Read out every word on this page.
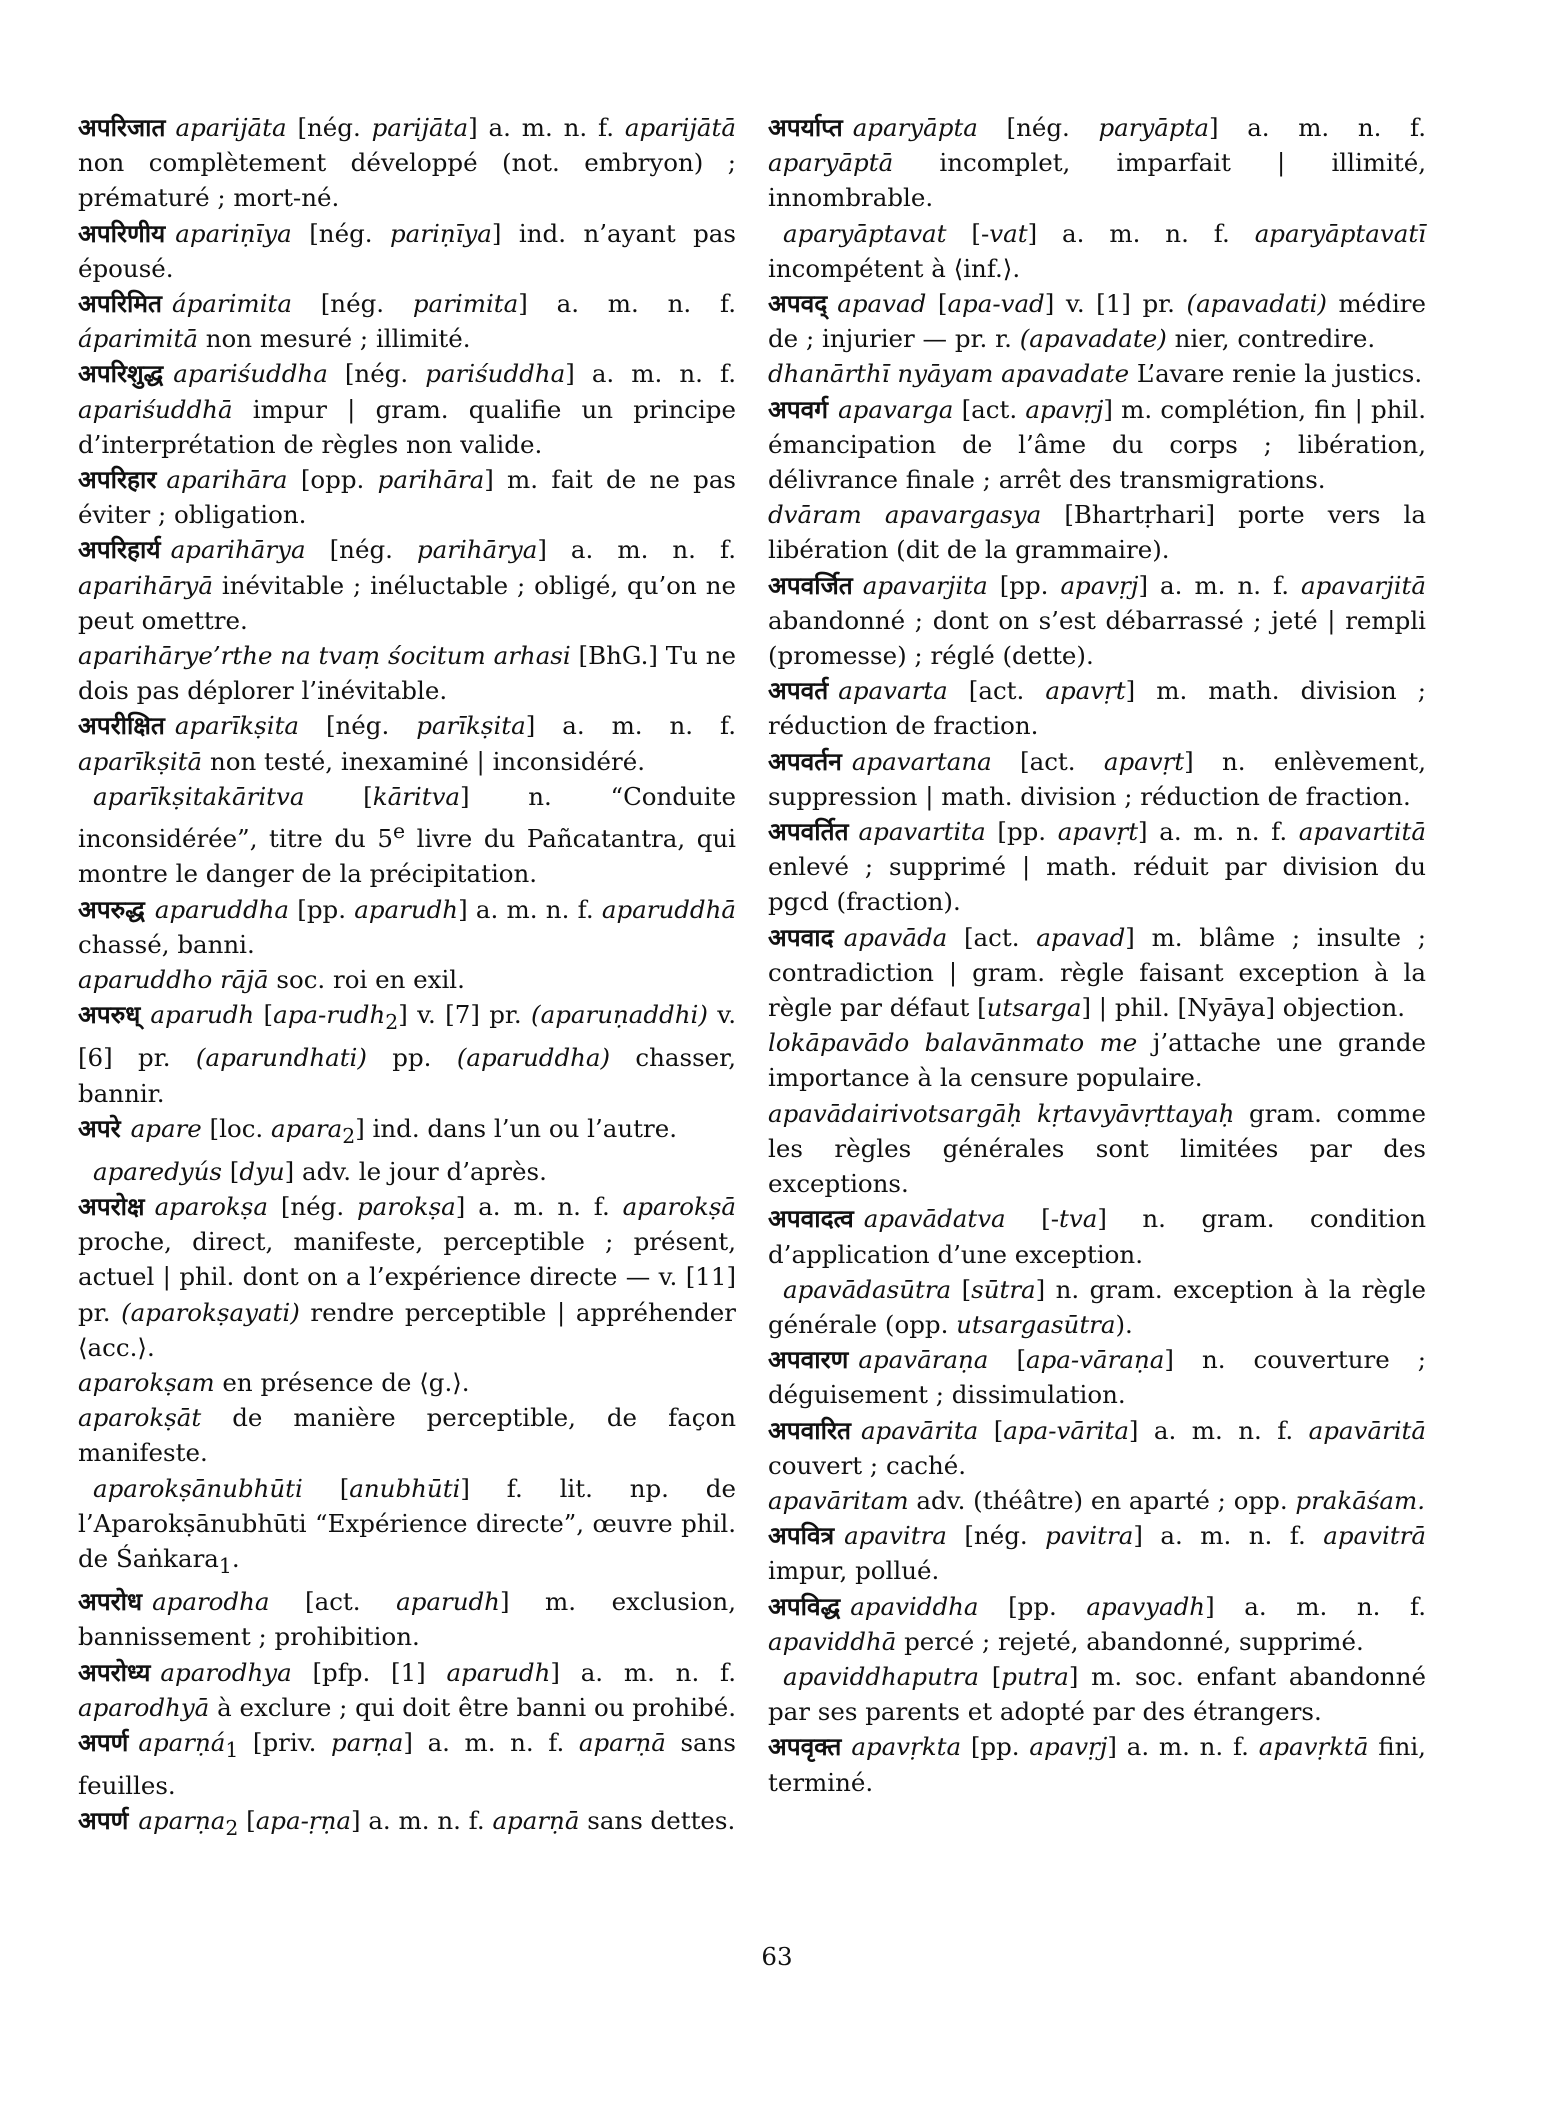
अपरिजात aparijāta [nég. parijāta] a. m. n. f. aparijātā non complètement développé (not. embryon) ; prématuré ; mort-né.

अपरिणीय apariṇīya [nég. pariṇīya] ind. n’ayant pas épousé.

अपरिमित áparimita [nég. parimita] a. m. n. f. áparimitā non mesuré ; illimité.

अपरिशुद्ध apariśuddha [nég. pariśuddha] a. m. n. f. apariśuddhā impur | gram. qualifie un principe d’interprétation de règles non valide.

अपरिहार aparihāra [opp. parihāra] m. fait de ne pas éviter ; obligation.

अपरिहार्य aparihārya [nég. parihārya] a. m. n. f. aparihāryā inévitable ; inéluctable ; obligé, qu’on ne peut omettre.

aparihārye’rthe na tvaṃ śocitum arhasi [BhG.] Tu ne dois pas déplorer l’inévitable.

अपरीक्षित aparīkṣita [nég. parīkṣita] a. m. n. f. aparīkṣitā non testé, inexaminé | inconsidéré.

aparīkṣitakāritva [kāritva] n. “Conduite inconsidérée”, titre du 5e livre du Pañcatantra, qui montre le danger de la précipitation.

अपरुद्ध aparuddha [pp. aparudh] a. m. n. f. aparuddhā chassé, banni.

aparuddho rājā soc. roi en exil.

अपरुध् aparudh [apa-rudh$_2$] v. [7] pr. (aparuṇaddhi) v. [6] pr. (aparundhati) pp. (aparuddha) chasser, bannir.

अपरे apare [loc. apara$_2$] ind. dans l’un ou l’autre.

aparedyús [dyu] adv. le jour d’après.

अपरोक्ष aparokṣa [nég. parokṣa] a. m. n. f. aparokṣā proche, direct, manifeste, perceptible ; présent, actuel | phil. dont on a l’expérience directe — v. [11] pr. (aparokṣayati) rendre perceptible | appréhender ⟨acc.⟩.

aparokṣam en présence de ⟨g.⟩.

aparokṣāt de manière perceptible, de façon manifeste.

aparokṣānubhūti [anubhūti] f. lit. np. de l’Aparokṣānubhūti “Expérience directe”, œuvre phil. de Śaṅkara$_1$.

अपरोध aparodha [act. aparudh] m. exclusion, bannissement ; prohibition.

अपरोध्य aparodhya [pfp. [1] aparudh] a. m. n. f. aparodhyā à exclure ; qui doit être banni ou prohibé.

अपर्ण aparṇá$_1$ [priv. parṇa] a. m. n. f. aparṇā sans feuilles.

अपर्ण aparṇa$_2$ [apa-ṛṇa] a. m. n. f. aparṇā sans dettes.

अपर्याप्त aparyāpta [nég. paryāpta] a. m. n. f. aparyāptā incomplet, imparfait | illimité, innombrable.

aparyāptavat [-vat] a. m. n. f. aparyāptavatī incompétent à ⟨inf.⟩.

अपवद् apavad [apa-vad] v. [1] pr. (apavadati) médire de ; injurier — pr. r. (apavadate) nier, contredire.

dhanārthī nyāyam apavadate L’avare renie la justics.

अपवर्ग apavarga [act. apavṛj] m. complétion, fin | phil. émancipation de l’âme du corps ; libération, délivrance finale ; arrêt des transmigrations.

dvāram apavargasya [Bhartṛhari] porte vers la libération (dit de la grammaire).

अपवर्जित apavarjita [pp. apavṛj] a. m. n. f. apavarjitā abandonné ; dont on s’est débarrassé ; jeté | rempli (promesse) ; réglé (dette).

अपवर्त apavarta [act. apavṛt] m. math. division ; réduction de fraction.

अपवर्तन apavartana [act. apavṛt] n. enlèvement, suppression | math. division ; réduction de fraction.

अपवर्तित apavartita [pp. apavṛt] a. m. n. f. apavartitā enlevé ; supprimé | math. réduit par division du pgcd (fraction).

अपवाद apavāda [act. apavad] m. blâme ; insulte ; contradiction | gram. règle faisant exception à la règle par défaut [utsarga] | phil. [Nyāya] objection.

lokāpavādo balavānmato me j’attache une grande importance à la censure populaire.

apavādairivotsargāḥ kṛtavyāvṛttayaḥ gram. comme les règles générales sont limitées par des exceptions.

अपवादत्व apavādatva [-tva] n. gram. condition d’application d’une exception.

apavādasūtra [sūtra] n. gram. exception à la règle générale (opp. utsargasūtra).

अपवारण apavāraṇa [apa-vāraṇa] n. couverture ; déguisement ; dissimulation.

अपवारित apavārita [apa-vārita] a. m. n. f. apavāritā couvert ; caché.

apavāritam adv. (théâtre) en aparté ; opp. prakāśam.

अपवित्र apavitra [nég. pavitra] a. m. n. f. apavitrā impur, pollué.

अपविद्ध apaviddha [pp. apavyadh] a. m. n. f. apaviddhā percé ; rejeté, abandonné, supprimé.

apaviddhaputra [putra] m. soc. enfant abandonné par ses parents et adopté par des étrangers.

अपवृक्त apavṛkta [pp. apavṛj] a. m. n. f. apavṛktā fini, terminé.

63
